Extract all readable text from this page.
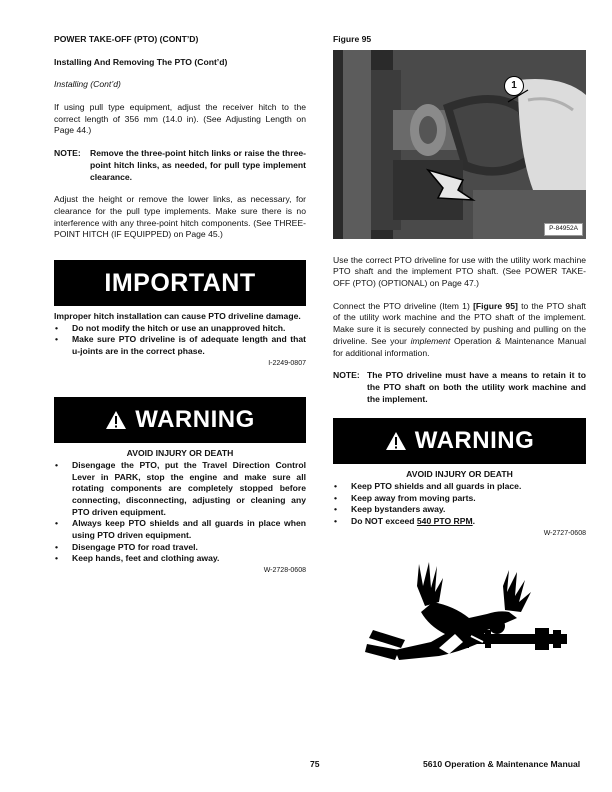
POWER TAKE-OFF (PTO) (CONT’D)

Installing And Removing The PTO (Cont’d)

Installing (Cont’d)

If using pull type equipment, adjust the receiver hitch to the correct length of 356 mm (14.0 in). (See Adjusting Length on Page 44.)

NOTE:	Remove the three-point hitch links or raise the three-point hitch links, as needed, for pull type implement clearance.

Adjust the height or remove the lower links, as necessary, for clearance for the pull type implements. Make sure there is no interference with any three-point hitch components. (See THREE-POINT HITCH (IF EQUIPPED) on Page 45.)

IMPORTANT

Improper hitch installation can cause PTO driveline damage.

• Do not modify the hitch or use an unapproved hitch.
• Make sure PTO driveline is of adequate length and that u-joints are in the correct phase.
I-2249-0807
WARNING

AVOID INJURY OR DEATH

• Disengage the PTO, put the Travel Direction Control Lever in PARK, stop the engine and make sure all rotating components are completely stopped before connecting, disconnecting, adjusting or cleaning any PTO driven equipment.
• Always keep PTO shields and all guards in place when using PTO driven equipment.
• Disengage PTO for road travel.
• Keep hands, feet and clothing away.
W-2728-0608

Figure 95

1
P-84952A

Use the correct PTO driveline for use with the utility work machine PTO shaft and the implement PTO shaft. (See POWER TAKE-OFF (PTO) (OPTIONAL) on Page 47.)

Connect the PTO driveline (Item 1) [Figure 95] to the PTO shaft of the utility work machine and the PTO shaft of the implement. Make sure it is securely connected by pushing and pulling on the driveline. See your implement Operation & Maintenance Manual for additional information.

NOTE: The PTO driveline must have a means to retain it to the PTO shaft on both the utility work machine and the implement.
WARNING

AVOID INJURY OR DEATH

• Keep PTO shields and all guards in place.
• Keep away from moving parts.
• Keep bystanders away.
• Do NOT exceed 540 PTO RPM.
W-2727-0608
75	5610 Operation & Maintenance Manual
